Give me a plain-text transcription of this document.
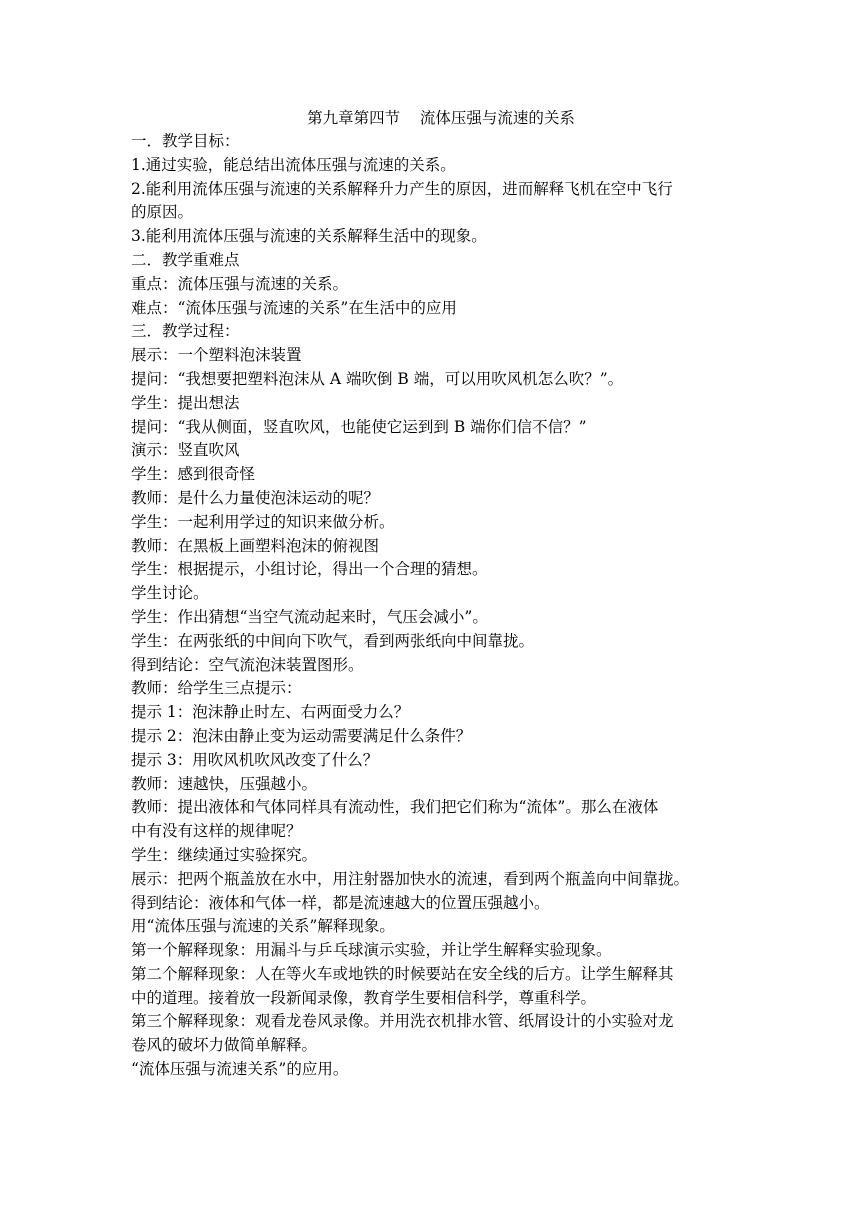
第九章第四节    流体压强与流速的关系
一．教学目标：
1.通过实验，能总结出流体压强与流速的关系。
2.能利用流体压强与流速的关系解释升力产生的原因，进而解释飞机在空中飞行
的原因。
3.能利用流体压强与流速的关系解释生活中的现象。
二．教学重难点
重点：流体压强与流速的关系。
难点：“流体压强与流速的关系”在生活中的应用
三．教学过程：
展示：一个塑料泡沫装置
提问：“我想要把塑料泡沫从 A 端吹倒 B 端，可以用吹风机怎么吹？”。
学生：提出想法
提问：“我从侧面，竖直吹风，也能使它运到到 B 端你们信不信？”
演示：竖直吹风
学生：感到很奇怪
教师：是什么力量使泡沫运动的呢？
学生：一起利用学过的知识来做分析。
教师：在黑板上画塑料泡沫的俯视图
学生：根据提示，小组讨论，得出一个合理的猜想。
学生讨论。
学生：作出猜想“当空气流动起来时，气压会减小”。
学生：在两张纸的中间向下吹气，看到两张纸向中间靠拢。
得到结论：空气流泡沫装置图形。
教师：给学生三点提示：
提示 1：泡沫静止时左、右两面受力么？
提示 2：泡沫由静止变为运动需要满足什么条件？
提示 3：用吹风机吹风改变了什么？
教师：速越快，压强越小。
教师：提出液体和气体同样具有流动性，我们把它们称为“流体”。那么在液体
中有没有这样的规律呢？
学生：继续通过实验探究。
展示：把两个瓶盖放在水中，用注射器加快水的流速，看到两个瓶盖向中间靠拢。
得到结论：液体和气体一样，都是流速越大的位置压强越小。
用“流体压强与流速的关系”解释现象。
第一个解释现象：用漏斗与乒乓球演示实验，并让学生解释实验现象。
第二个解释现象：人在等火车或地铁的时候要站在安全线的后方。让学生解释其
中的道理。接着放一段新闻录像，教育学生要相信科学，尊重科学。
第三个解释现象：观看龙卷风录像。并用洗衣机排水管、纸屑设计的小实验对龙
卷风的破坏力做简单解释。
“流体压强与流速关系”的应用。
